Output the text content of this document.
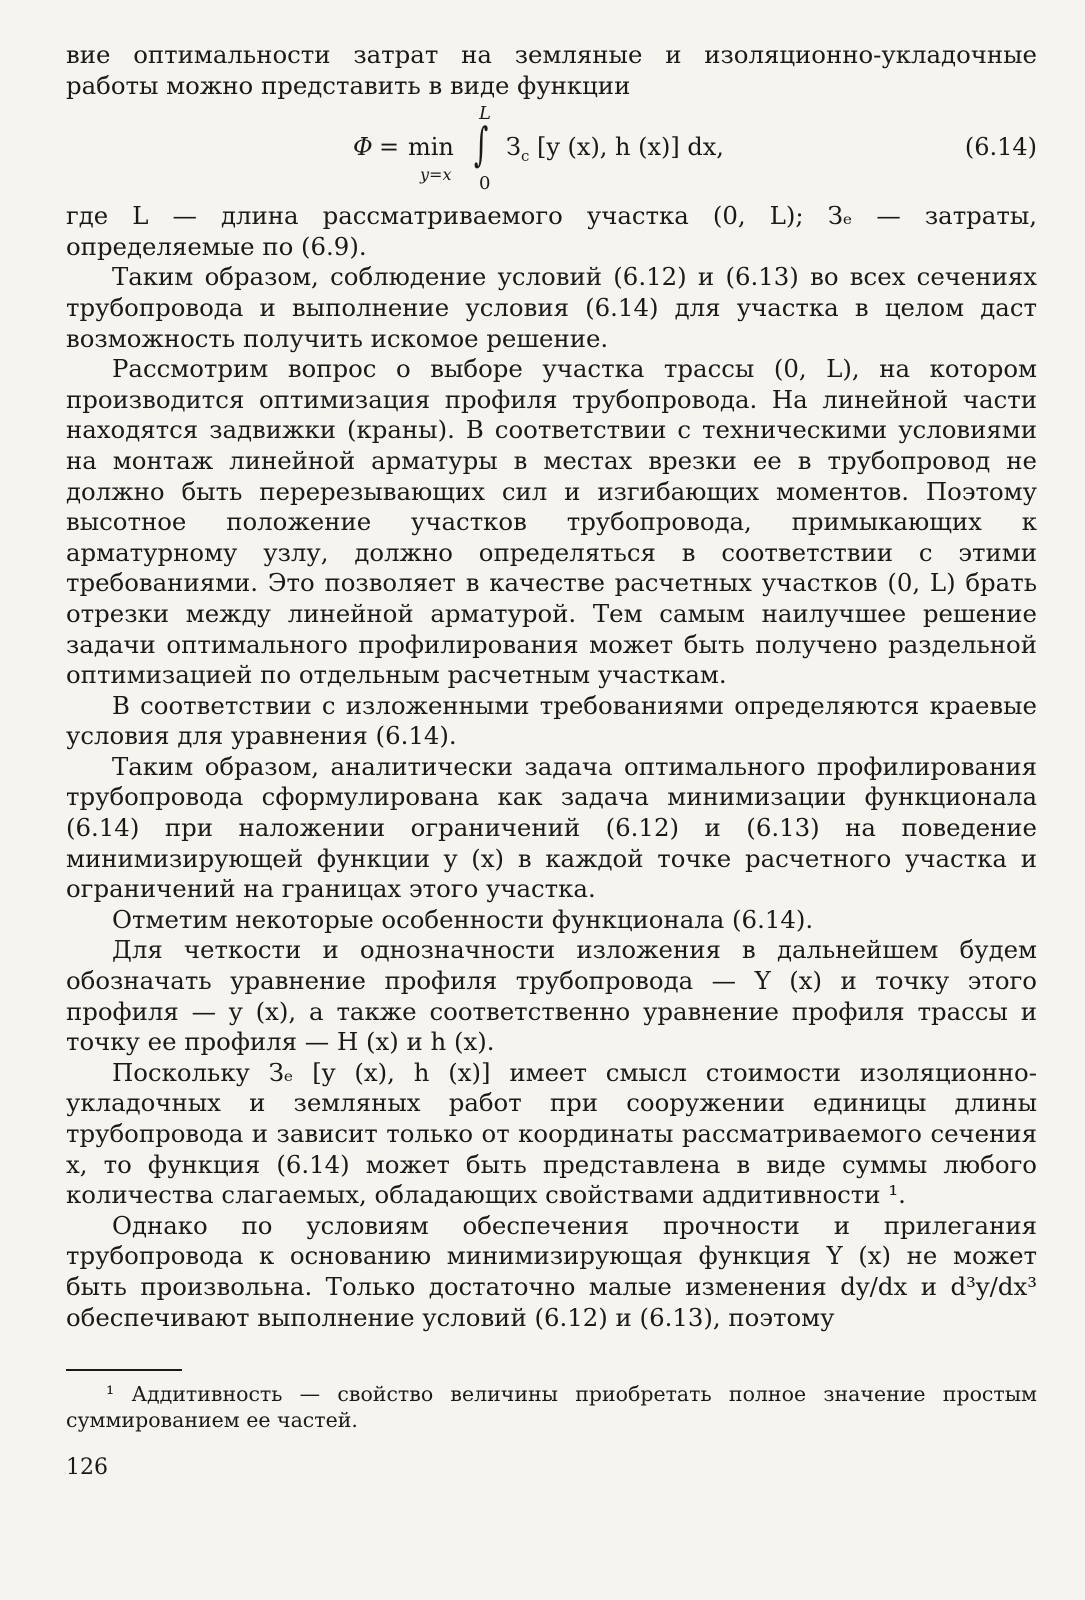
вие оптимальности затрат на земляные и изоляционно-укладочные работы можно представить в виде функции

Φ = min
y=x
L
∫
0
$З_с$ [y (x), h (x)] dx,	(6.14)

где L — длина рассматриваемого участка (0, L); Зₑ — затраты, определяемые по (6.9).

Таким образом, соблюдение условий (6.12) и (6.13) во всех сечениях трубопровода и выполнение условия (6.14) для участка в целом даст возможность получить искомое решение.

Рассмотрим вопрос о выборе участка трассы (0, L), на котором производится оптимизация профиля трубопровода. На линейной части находятся задвижки (краны). В соответствии с техническими условиями на монтаж линейной арматуры в местах врезки ее в трубопровод не должно быть перерезывающих сил и изгибающих моментов. Поэтому высотное положение участков трубопровода, примыкающих к арматурному узлу, должно определяться в соответствии с этими требованиями. Это позволяет в качестве расчетных участков (0, L) брать отрезки между линейной арматурой. Тем самым наилучшее решение задачи оптимального профилирования может быть получено раздельной оптимизацией по отдельным расчетным участкам.

В соответствии с изложенными требованиями определяются краевые условия для уравнения (6.14).

Таким образом, аналитически задача оптимального профилирования трубопровода сформулирована как задача минимизации функционала (6.14) при наложении ограничений (6.12) и (6.13) на поведение минимизирующей функции y (x) в каждой точке расчетного участка и ограничений на границах этого участка.

Отметим некоторые особенности функционала (6.14).

Для четкости и однозначности изложения в дальнейшем будем обозначать уравнение профиля трубопровода — Y (x) и точку этого профиля — y (x), а также соответственно уравнение профиля трассы и точку ее профиля — H (x) и h (x).

Поскольку Зₑ [y (x), h (x)] имеет смысл стоимости изоляционно-укладочных и земляных работ при сооружении единицы длины трубопровода и зависит только от координаты рассматриваемого сечения x, то функция (6.14) может быть представлена в виде суммы любого количества слагаемых, обладающих свойствами аддитивности ¹.

Однако по условиям обеспечения прочности и прилегания трубопровода к основанию минимизирующая функция Y (x) не может быть произвольна. Только достаточно малые изменения dy/dx и d³y/dx³ обеспечивают выполнение условий (6.12) и (6.13), поэтому

¹ Аддитивность — свойство величины приобретать полное значение простым суммированием ее частей.

126
